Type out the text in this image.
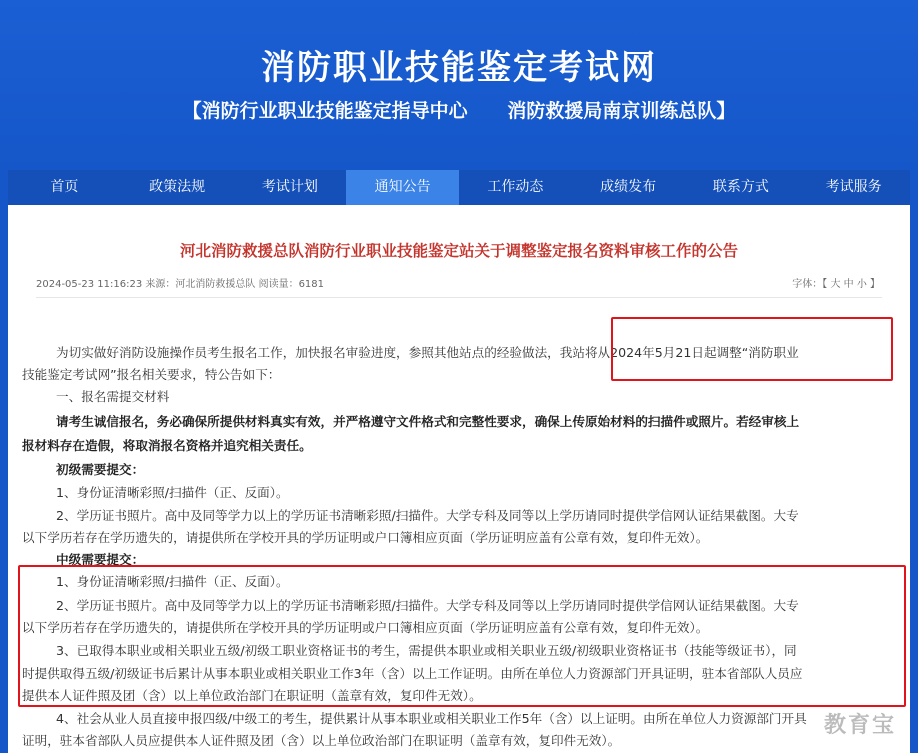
消防职业技能鉴定考试网
【消防行业职业技能鉴定指导中心      消防救援局南京训练总队】
首页	政策法规	考试计划	通知公告	工作动态	成绩发布	联系方式	考试服务
河北消防救援总队消防行业职业技能鉴定站关于调整鉴定报名资料审核工作的公告
2024-05-23 11:16:23 来源：河北消防救援总队 阅读量：6181	字体：【 大 中 小 】
为切实做好消防设施操作员考生报名工作，加快报名审验进度，参照其他站点的经验做法，我站将从2024年5月21日起调整“消防职业
技能鉴定考试网”报名相关要求，特公告如下：
一、报名需提交材料
请考生诚信报名，务必确保所提供材料真实有效，并严格遵守文件格式和完整性要求，确保上传原始材料的扫描件或照片。若经审核上
报材料存在造假，将取消报名资格并追究相关责任。
初级需要提交：
1、身份证清晰彩照/扫描件（正、反面）。
2、学历证书照片。高中及同等学力以上的学历证书清晰彩照/扫描件。大学专科及同等以上学历请同时提供学信网认证结果截图。大专
以下学历若存在学历遗失的，请提供所在学校开具的学历证明或户口簿相应页面（学历证明应盖有公章有效，复印件无效）。
中级需要提交：
1、身份证清晰彩照/扫描件（正、反面）。
2、学历证书照片。高中及同等学力以上的学历证书清晰彩照/扫描件。大学专科及同等以上学历请同时提供学信网认证结果截图。大专
以下学历若存在学历遗失的，请提供所在学校开具的学历证明或户口簿相应页面（学历证明应盖有公章有效，复印件无效）。
3、已取得本职业或相关职业五级/初级工职业资格证书的考生，需提供本职业或相关职业五级/初级职业资格证书（技能等级证书），同
时提供取得五级/初级证书后累计从事本职业或相关职业工作3年（含）以上工作证明。由所在单位人力资源部门开具证明，驻本省部队人员应
提供本人证件照及团（含）以上单位政治部门在职证明（盖章有效，复印件无效）。
4、社会从业人员直接申报四级/中级工的考生，提供累计从事本职业或相关职业工作5年（含）以上证明。由所在单位人力资源部门开具
证明，驻本省部队人员应提供本人证件照及团（含）以上单位政治部门在职证明（盖章有效，复印件无效）。
教育宝
